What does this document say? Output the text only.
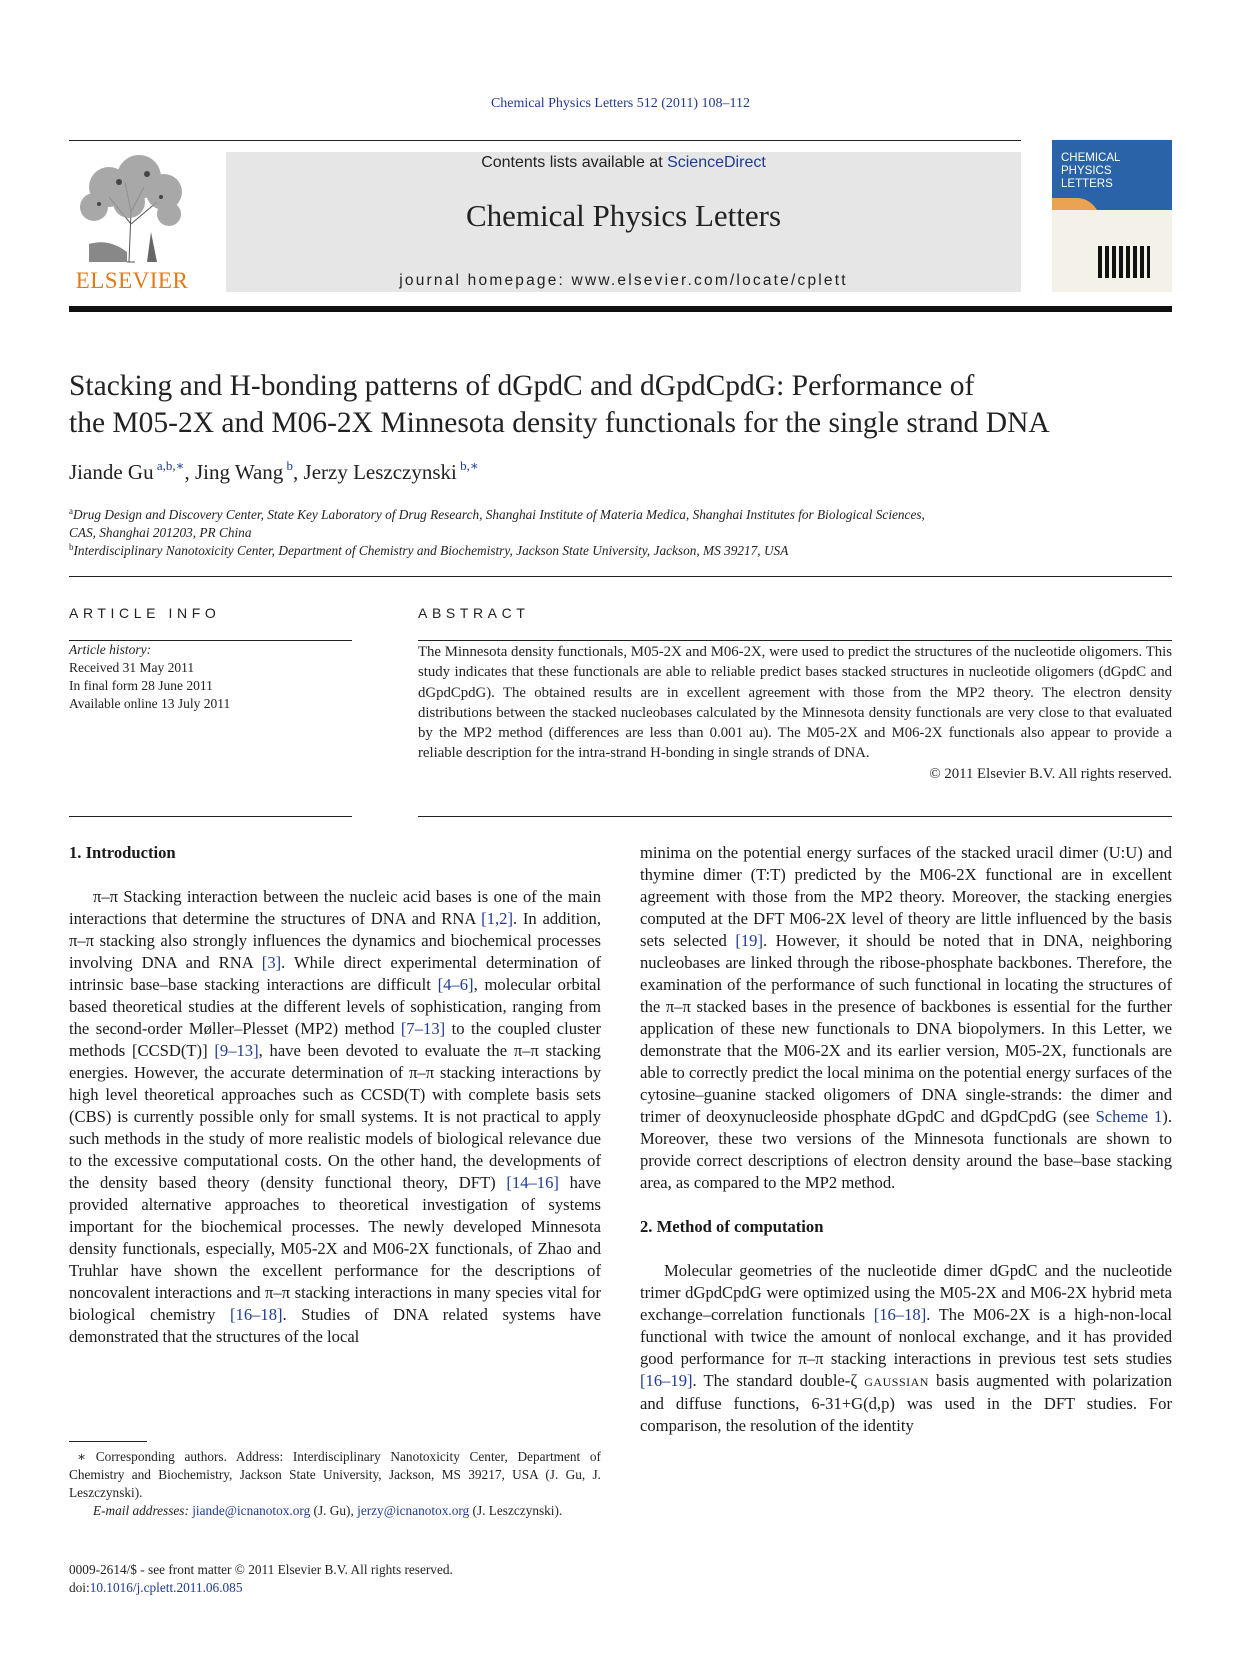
Chemical Physics Letters 512 (2011) 108–112
ELSEVIER
Contents lists available at ScienceDirect
Chemical Physics Letters
journal homepage: www.elsevier.com/locate/cplett
CHEMICAL
PHYSICS
LETTERS
Stacking and H-bonding patterns of dGpdC and dGpdCpdG: Performance of
the M05-2X and M06-2X Minnesota density functionals for the single strand DNA
Jiande Gu $^{a,b,∗}$, Jing Wang $^b$, Jerzy Leszczynski $^{b,∗}$
$^a$Drug Design and Discovery Center, State Key Laboratory of Drug Research, Shanghai Institute of Materia Medica, Shanghai Institutes for Biological Sciences,
CAS, Shanghai 201203, PR China
$^b$Interdisciplinary Nanotoxicity Center, Department of Chemistry and Biochemistry, Jackson State University, Jackson, MS 39217, USA
ARTICLE INFO
Article history:
Received 31 May 2011
In final form 28 June 2011
Available online 13 July 2011
ABSTRACT
The Minnesota density functionals, M05-2X and M06-2X, were used to predict the structures of the nucleotide oligomers. This study indicates that these functionals are able to reliable predict bases stacked structures in nucleotide oligomers (dGpdC and dGpdCpdG). The obtained results are in excellent agreement with those from the MP2 theory. The electron density distributions between the stacked nucleobases calculated by the Minnesota density functionals are very close to that evaluated by the MP2 method (differences are less than 0.001 au). The M05-2X and M06-2X functionals also appear to provide a reliable description for the intra-strand H-bonding in single strands of DNA.
© 2011 Elsevier B.V. All rights reserved.
1. Introduction

π–π Stacking interaction between the nucleic acid bases is one of the main interactions that determine the structures of DNA and RNA [1,2]. In addition, π–π stacking also strongly influences the dynamics and biochemical processes involving DNA and RNA [3]. While direct experimental determination of intrinsic base–base stacking interactions are difficult [4–6], molecular orbital based theoretical studies at the different levels of sophistication, ranging from the second-order Møller–Plesset (MP2) method [7–13] to the coupled cluster methods [CCSD(T)] [9–13], have been devoted to evaluate the π–π stacking energies. However, the accurate determination of π–π stacking interactions by high level theoretical approaches such as CCSD(T) with complete basis sets (CBS) is currently possible only for small systems. It is not practical to apply such methods in the study of more realistic models of biological relevance due to the excessive computational costs. On the other hand, the developments of the density based theory (density functional theory, DFT) [14–16] have provided alternative approaches to theoretical investigation of systems important for the biochemical processes. The newly developed Minnesota density functionals, especially, M05-2X and M06-2X functionals, of Zhao and Truhlar have shown the excellent performance for the descriptions of noncovalent interactions and π–π stacking interactions in many species vital for biological chemistry [16–18]. Studies of DNA related systems have demonstrated that the structures of the local

∗ Corresponding authors. Address: Interdisciplinary Nanotoxicity Center, Department of Chemistry and Biochemistry, Jackson State University, Jackson, MS 39217, USA (J. Gu, J. Leszczynski).
E-mail addresses: jiande@icnanotox.org (J. Gu), jerzy@icnanotox.org (J. Leszczynski).
0009-2614/$ - see front matter © 2011 Elsevier B.V. All rights reserved.
doi:10.1016/j.cplett.2011.06.085

minima on the potential energy surfaces of the stacked uracil dimer (U:U) and thymine dimer (T:T) predicted by the M06-2X functional are in excellent agreement with those from the MP2 theory. Moreover, the stacking energies computed at the DFT M06-2X level of theory are little influenced by the basis sets selected [19]. However, it should be noted that in DNA, neighboring nucleobases are linked through the ribose-phosphate backbones. Therefore, the examination of the performance of such functional in locating the structures of the π–π stacked bases in the presence of backbones is essential for the further application of these new functionals to DNA biopolymers. In this Letter, we demonstrate that the M06-2X and its earlier version, M05-2X, functionals are able to correctly predict the local minima on the potential energy surfaces of the cytosine–guanine stacked oligomers of DNA single-strands: the dimer and trimer of deoxynucleoside phosphate dGpdC and dGpdCpdG (see Scheme 1). Moreover, these two versions of the Minnesota functionals are shown to provide correct descriptions of electron density around the base–base stacking area, as compared to the MP2 method.

2. Method of computation

Molecular geometries of the nucleotide dimer dGpdC and the nucleotide trimer dGpdCpdG were optimized using the M05-2X and M06-2X hybrid meta exchange–correlation functionals [16–18]. The M06-2X is a high-non-local functional with twice the amount of nonlocal exchange, and it has provided good performance for π–π stacking interactions in previous test sets studies [16–19]. The standard double-ζ GAUSSIAN basis augmented with polarization and diffuse functions, 6-31+G(d,p) was used in the DFT studies. For comparison, the resolution of the identity
